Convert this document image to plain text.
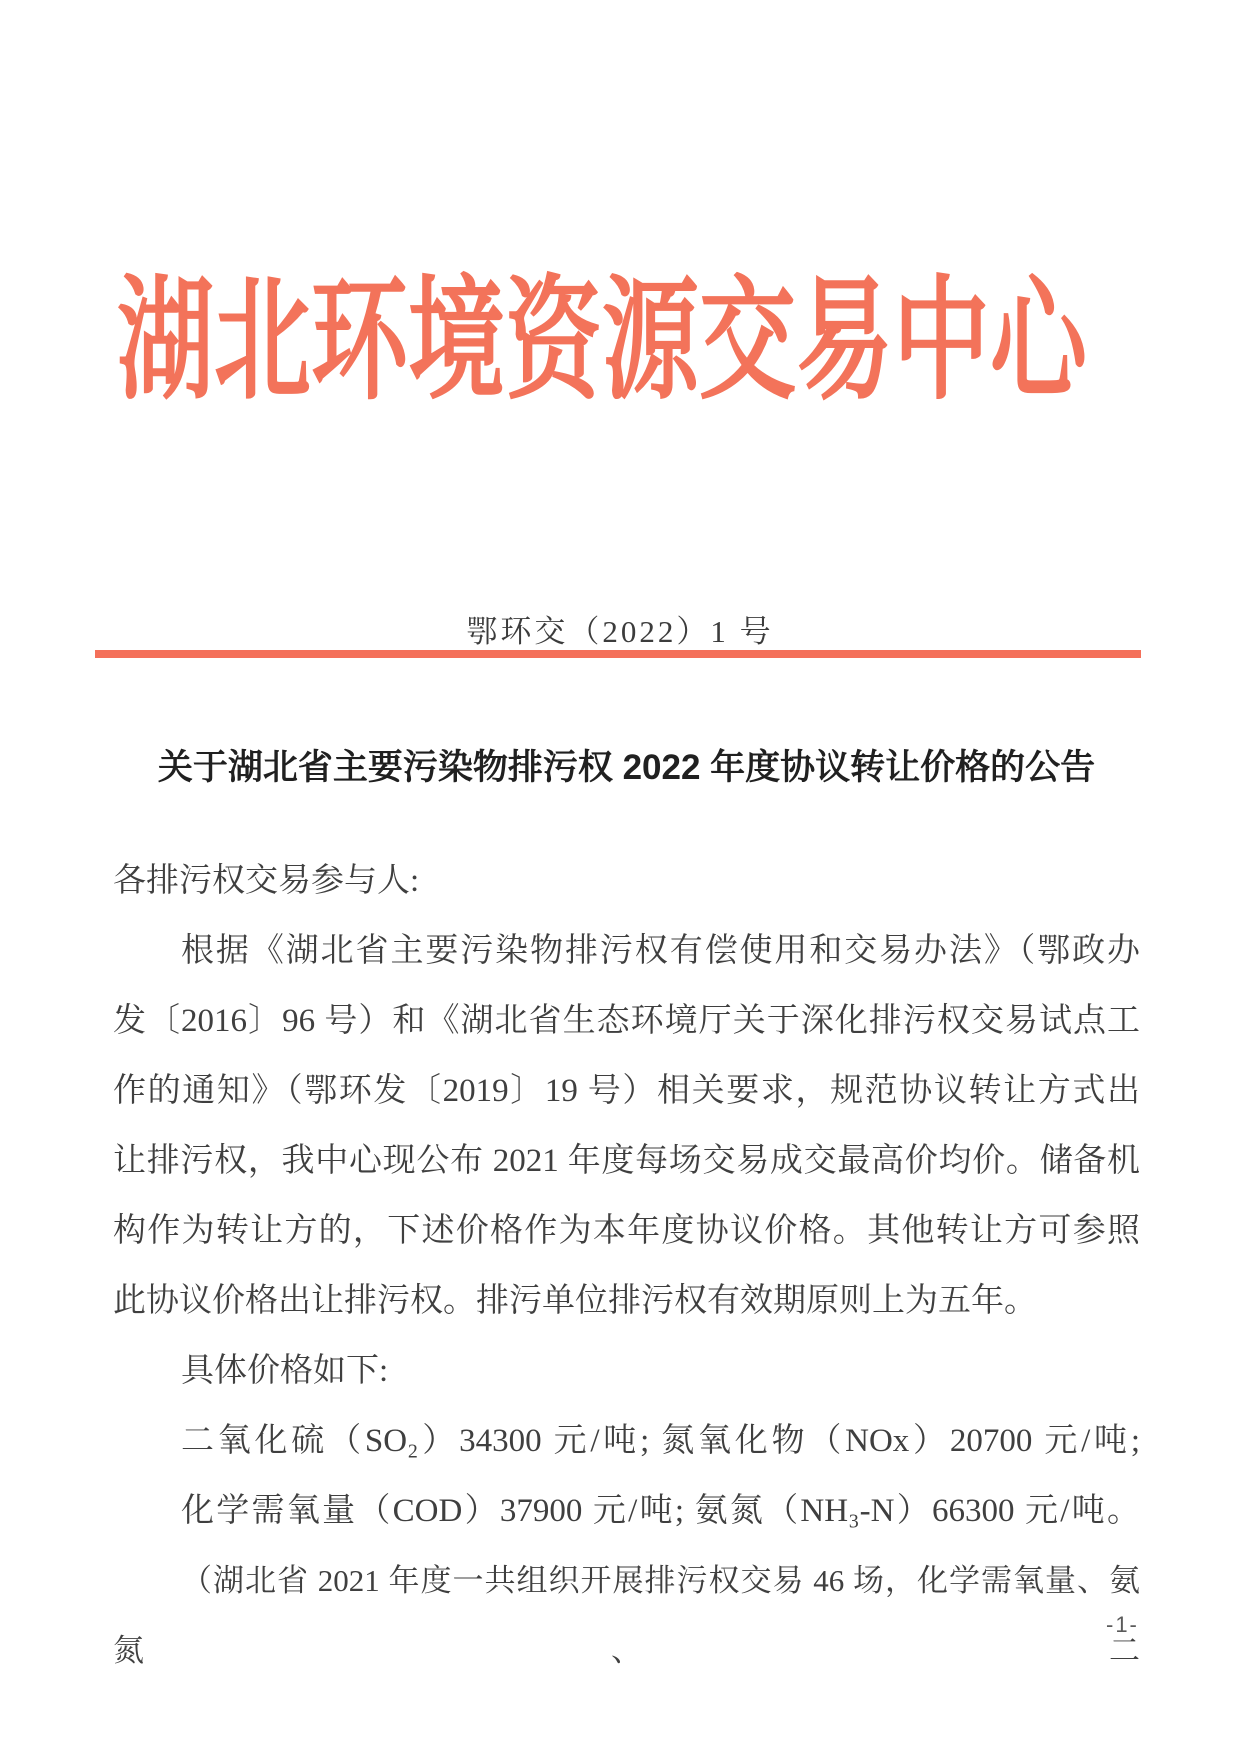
湖北环境资源交易中心
鄂环交（2022）1 号
关于湖北省主要污染物排污权 2022 年度协议转让价格的公告

各排污权交易参与人:

根据《湖北省主要污染物排污权有偿使用和交易办法》（鄂政办

发〔2016〕96 号）和《湖北省生态环境厅关于深化排污权交易试点工

作的通知》（鄂环发〔2019〕19 号）相关要求，规范协议转让方式出

让排污权，我中心现公布 2021 年度每场交易成交最高价均价。储备机

构作为转让方的，下述价格作为本年度协议价格。其他转让方可参照

此协议价格出让排污权。排污单位排污权有效期原则上为五年。

具体价格如下:

二氧化硫（SO₂）34300 元/吨; 氮氧化物（NOx）20700 元/吨;

化学需氧量（COD）37900 元/吨; 氨氮（NH₃-N）66300 元/吨。

（湖北省 2021 年度一共组织开展排污权交易 46 场，化学需氧量、氨氮、二

-1-
